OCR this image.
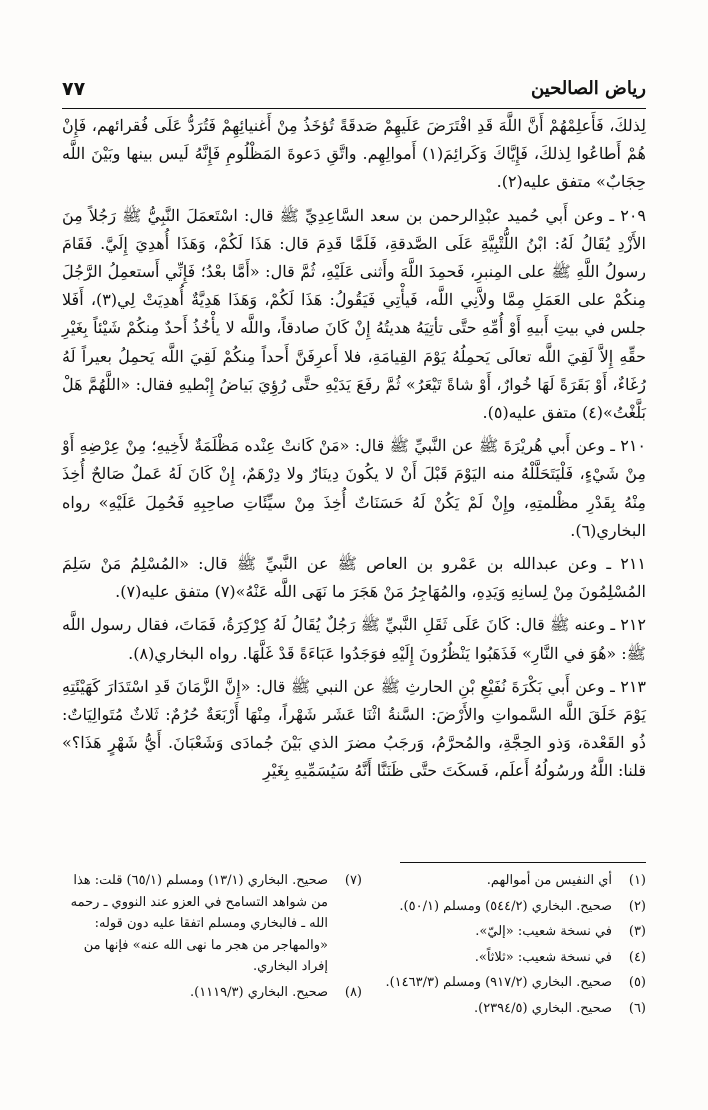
٧٧	رياض الصالحين

لِذلكَ، فَأَعلِمْهُمْ أَنَّ اللَّهَ قَدِ افْتَرَضَ عَلَيهِمْ صَدقَةً تُؤخَذُ مِنْ أَغنيائِهِمْ فَتُرَدُّ عَلَى فُقرائهم، فَإِنْ هُمْ أَطاعُوا لِذلكَ، فَإِيَّاكَ وَكَرائِمَ(١) أَموالِهِم. واتَّقِ دَعوةَ المَظْلُومِ فَإِنَّهُ لَيس بينها وبَيْنَ اللَّه حِجَابٌ» متفق عليه(٢).

٢٠٩ ـ وعن أَبي حُميد عبْدِالرحمن بن سعد السَّاعِدِيِّ ﷺ قال: اسْتَعمَلَ النَّبِيُّ ﷺ رَجُلاً مِنَ الأَزْدِ يُقَالُ لَهُ: ابْنُ اللُّتْبِيَّةِ عَلَى الصَّدقةِ، فَلَمَّا قَدِمَ قال: هَذَا لَكُمْ، وَهَذَا أُهدِيَ إِلَيَّ. فَقَامَ رسولُ اللَّهِ ﷺ على المِنبرِ، فَحمِدَ اللَّهَ وأَثنى عَلَيْهِ، ثُمَّ قال: «أَمَّا بعْدُ؛ فَإِنِّي أَستعمِلُ الرَّجُلَ مِنكُمْ على العَمَلِ مِمَّا ولاَّنِي اللَّه، فَيأْتِي فَيَقُولُ: هَذَا لَكُمْ، وَهَذَا هَدِيَّةٌ أُهدِيَتْ لِي(٣)، أَفَلا جلس في بيتِ أَبيهِ أَوْ أُمِّهِ حتَّى تأتِيَهُ هديتُهُ إِنْ كَانَ صادقاً، واللَّه لا يأْخُذُ أَحدٌ مِنكُمْ شَيْئاً بِغَيْرِ حقِّهِ إِلاَّ لَقِيَ اللَّه تعالَى يَحمِلُهُ يَوْمَ القِيامَةِ، فلا أَعرِفَنَّ أَحداً مِنكُمْ لَقِيَ اللَّه يَحمِلُ بعيراً لَهُ رُغَاءٌ، أَوْ بَقَرَةً لَهَا خُوارٌ، أَوْ شاةً تَيْعَرُ» ثُمَّ رفَعَ يَدَيْهِ حتَّى رُؤِيَ بَياضُ إِبْطيهِ فقال: «اللَّهُمَّ هَلْ بَلَّغْتُ»(٤) متفق عليه(٥).

٢١٠ ـ وعن أَبي هُريْرَةَ ﷺ عن النَّبيِّ ﷺ قال: «مَنْ كَانتْ عِنْده مَظْلَمَةٌ لأَخِيهِ؛ مِنْ عِرْضِهِ أَوْ مِنْ شَيْءٍ، فَلْيَتَحَلَّلْهُ منه اليَوْمَ قَبْلَ أَنْ لا يكُونَ دِينَارٌ ولا دِرْهَمٌ، إِنْ كَانَ لَهُ عَملٌ صَالحٌ أُخِذَ مِنْهُ بِقَدْرِ مظْلمتِهِ، وإِنْ لَمْ يَكُنْ لَهُ حَسَنَاتٌ أُخِذَ مِنْ سيِّئَاتِ صاحِبِهِ فَحُمِلَ عَلَيْهِ» رواه البخاري(٦).

٢١١ ـ وعن عبدالله بن عَمْرو بن العاص ﷺ عن النَّبيِّ ﷺ قال: «المُسْلِمُ مَنْ سَلِمَ المُسْلِمُونَ مِنْ لِسانِهِ وَيَدِهِ، والمُهَاجِرُ مَنْ هَجَرَ ما نَهَى اللَّه عَنْهُ»(٧) متفق عليه(٧).

٢١٢ ـ وعنه ﷺ قال: كَانَ عَلَى ثَقَلِ النَّبيِّ ﷺ رَجُلٌ يُقَالُ لَهُ كِرْكِرَةُ، فَمَاتَ، فقال رسول اللَّه ﷺ: «هُوَ في النَّارِ» فَذَهَبُوا يَنْظُرُونَ إِلَيْهِ فوَجَدُوا عَبَاءَةً قَدْ غَلَّهَا. رواه البخاري(٨).

٢١٣ ـ وعن أَبي بَكْرَةَ نُفَيْعِ بْنِ الحارثِ ﷺ عن النبي ﷺ قال: «إِنَّ الزَّمَانَ قَدِ اسْتَدَارَ كَهَيْئَتِهِ يَوْمَ خَلَقَ اللَّه السَّمواتِ والأَرْضَ: السَّنةُ اثْنَا عَشَر شَهْراً، مِنْهَا أَرْبَعَةٌ حُرُمٌ: ثَلاثٌ مُتَوالِيَاتٌ: ذُو القَعْدة، وَذو الحِجَّةِ، والمُحرَّمُ، وَرجَبُ مضرَ الذي بَيْنَ جُمادَى وَشَعْبَانَ. أَيُّ شَهْرٍ هَذَا؟» قلنا: اللَّهُ ورسُولُهُ أَعلَم، فَسكَتَ حتَّى ظَنَنَّا أَنَّهُ سَيُسَمِّيهِ بِغَيْرِ

(١)
أي النفيس من أموالهم.
(٢)
صحيح. البخاري (٥٤٤/٢) ومسلم (٥٠/١).
(٣)
في نسخة شعيب: «إليّ».
(٤)
في نسخة شعيب: «ثلاثاً».
(٥)
صحيح. البخاري (٩١٧/٢) ومسلم (١٤٦٣/٣).
(٦)
صحيح. البخاري (٢٣٩٤/٥).
(٧)
صحيح. البخاري (١٣/١) ومسلم (٦٥/١) قلت: هذا من شواهد التسامح في العزو عند النووي ـ رحمه الله ـ فالبخاري ومسلم اتفقا عليه دون قوله: «والمهاجر من هجر ما نهى الله عنه» فإنها من إفراد البخاري.
(٨)
صحيح. البخاري (١١١٩/٣).
